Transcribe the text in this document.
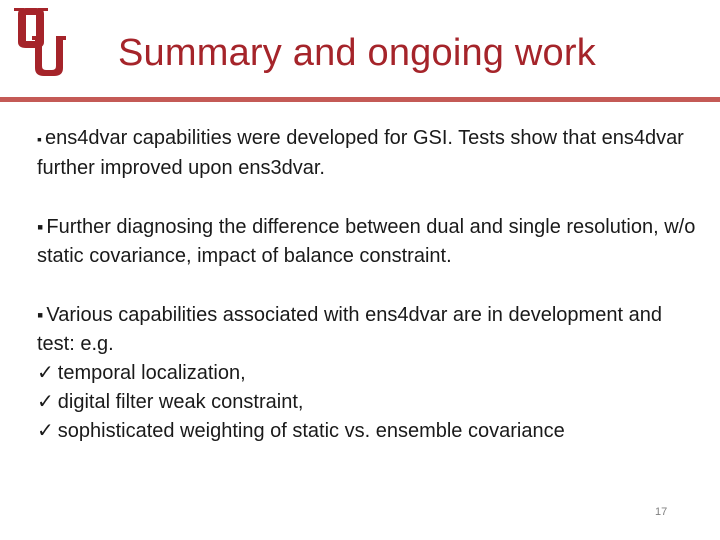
Summary and ongoing work

▪ ens4dvar capabilities were developed for GSI. Tests show that ens4dvar further improved upon ens3dvar.

▪ Further diagnosing the difference between dual and single resolution, w/o static covariance, impact of balance constraint.

▪ Various capabilities associated with ens4dvar are in development and test: e.g.
✓ temporal localization,
✓ digital filter weak constraint,
✓ sophisticated weighting of static vs. ensemble covariance

17
